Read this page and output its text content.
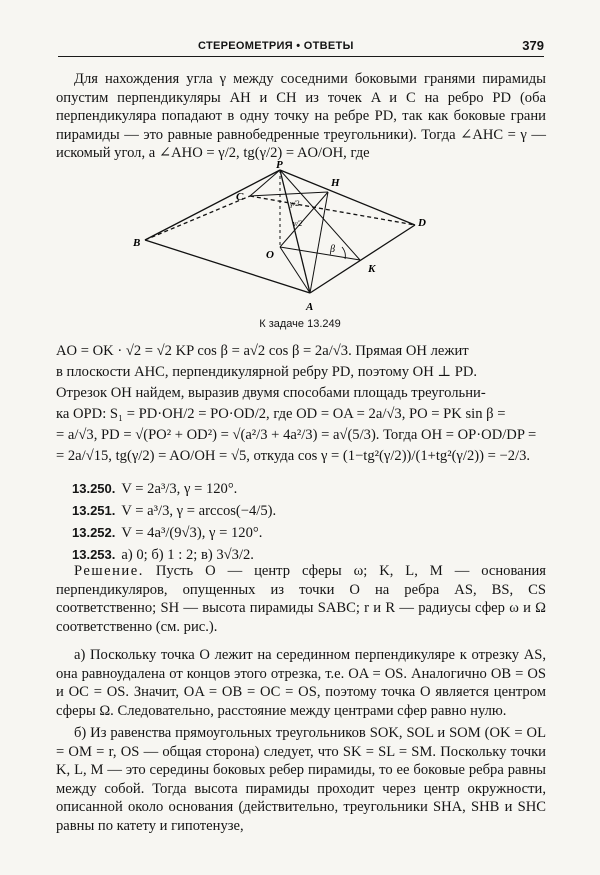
СТЕРЕОМЕТРИЯ • ОТВЕТЫ	379
Для нахождения угла γ между соседними боковыми гранями пирамиды опустим перпендикуляры AH и CH из точек A и C на ребро PD (оба перпендикуляра попадают в одну точку на ребре PD, так как боковые грани пирамиды — это равные равнобедренные треугольники). Тогда ∠AHC = γ — искомый угол, а ∠AHO = γ/2, tg(γ/2) = AO/OH, где
P
H
C
D
B
O
K
A
β
γ/2
γ/2
К задаче 13.249
AO = OK · √2 = √2 KP cos β = a√2 cos β = 2a/√3. Прямая OH лежит
в плоскости AHC, перпендикулярной ребру PD, поэтому OH ⊥ PD.
Отрезок OH найдем, выразив двумя способами площадь треугольни-
ка OPD: S₁ = PD·OH/2 = PO·OD/2, где OD = OA = 2a/√3, PO = PK sin β =
= a/√3, PD = √(PO² + OD²) = √(a²/3 + 4a²/3) = a√(5/3). Тогда OH = OP·OD/DP =
= 2a/√15, tg(γ/2) = AO/OH = √5, откуда cos γ = (1−tg²(γ/2))/(1+tg²(γ/2)) = −2/3.
13.250. V = 2a³/3, γ = 120°.
13.251. V = a³/3, γ = arccos(−4/5).
13.252. V = 4a³/(9√3), γ = 120°.
13.253. а) 0; б) 1 : 2; в) 3√3/2.
Решение. Пусть O — центр сферы ω; K, L, M — основания перпендикуляров, опущенных из точки O на ребра AS, BS, CS соответственно; SH — высота пирамиды SABC; r и R — радиусы сфер ω и Ω соответственно (см. рис.).
а) Поскольку точка O лежит на серединном перпендикуляре к отрезку AS, она равноудалена от концов этого отрезка, т.е. OA = OS. Аналогично OB = OS и OC = OS. Значит, OA = OB = OC = OS, поэтому точка O является центром сферы Ω. Следовательно, расстояние между центрами сфер равно нулю.
б) Из равенства прямоугольных треугольников SOK, SOL и SOM (OK = OL = OM = r, OS — общая сторона) следует, что SK = SL = SM. Поскольку точки K, L, M — это середины боковых ребер пирамиды, то ее боковые ребра равны между собой. Тогда высота пирамиды проходит через центр окружности, описанной около основания (действительно, треугольники SHA, SHB и SHC равны по катету и гипотенузе,
